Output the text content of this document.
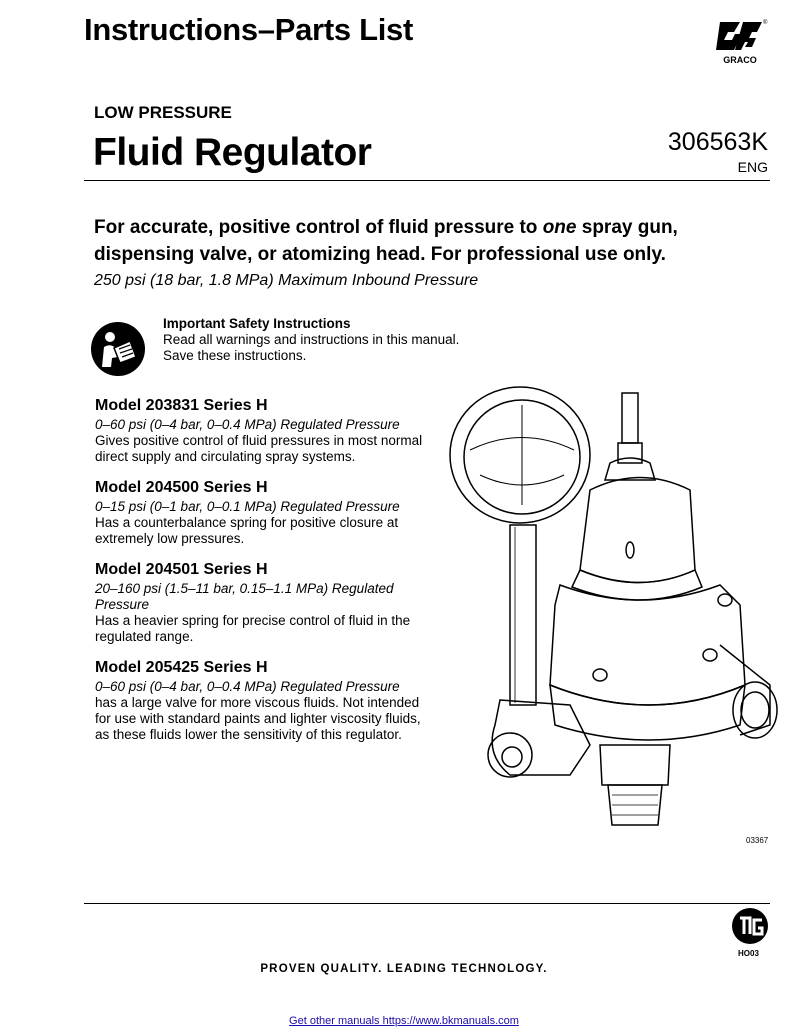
Instructions–Parts List
GRACO
®
LOW PRESSURE
Fluid Regulator	306563K
ENG
For accurate, positive control of fluid pressure to one spray gun, dispensing valve, or atomizing head. For professional use only.
250 psi (18 bar, 1.8 MPa) Maximum Inbound Pressure
Important Safety Instructions
Read all warnings and instructions in this manual.
Save these instructions.
Model 203831 Series H
0–60 psi (0–4 bar, 0–0.4 MPa) Regulated Pressure
Gives positive control of fluid pressures in most normal direct supply and circulating spray systems.
Model 204500 Series H
0–15 psi (0–1 bar, 0–0.1 MPa) Regulated Pressure
Has a counterbalance spring for positive closure at extremely low pressures.
Model 204501 Series H
20–160 psi (1.5–11 bar, 0.15–1.1 MPa) Regulated Pressure
Has a heavier spring for precise control of fluid in the regulated range.
Model 205425 Series H
0–60 psi (0–4 bar, 0–0.4 MPa) Regulated Pressure
has a large valve for more viscous fluids. Not intended for use with standard paints and lighter viscosity fluids, as these fluids lower the sensitivity of this regulator.
03367
HO03
PROVEN QUALITY. LEADING TECHNOLOGY.
Get other manuals https://www.bkmanuals.com
